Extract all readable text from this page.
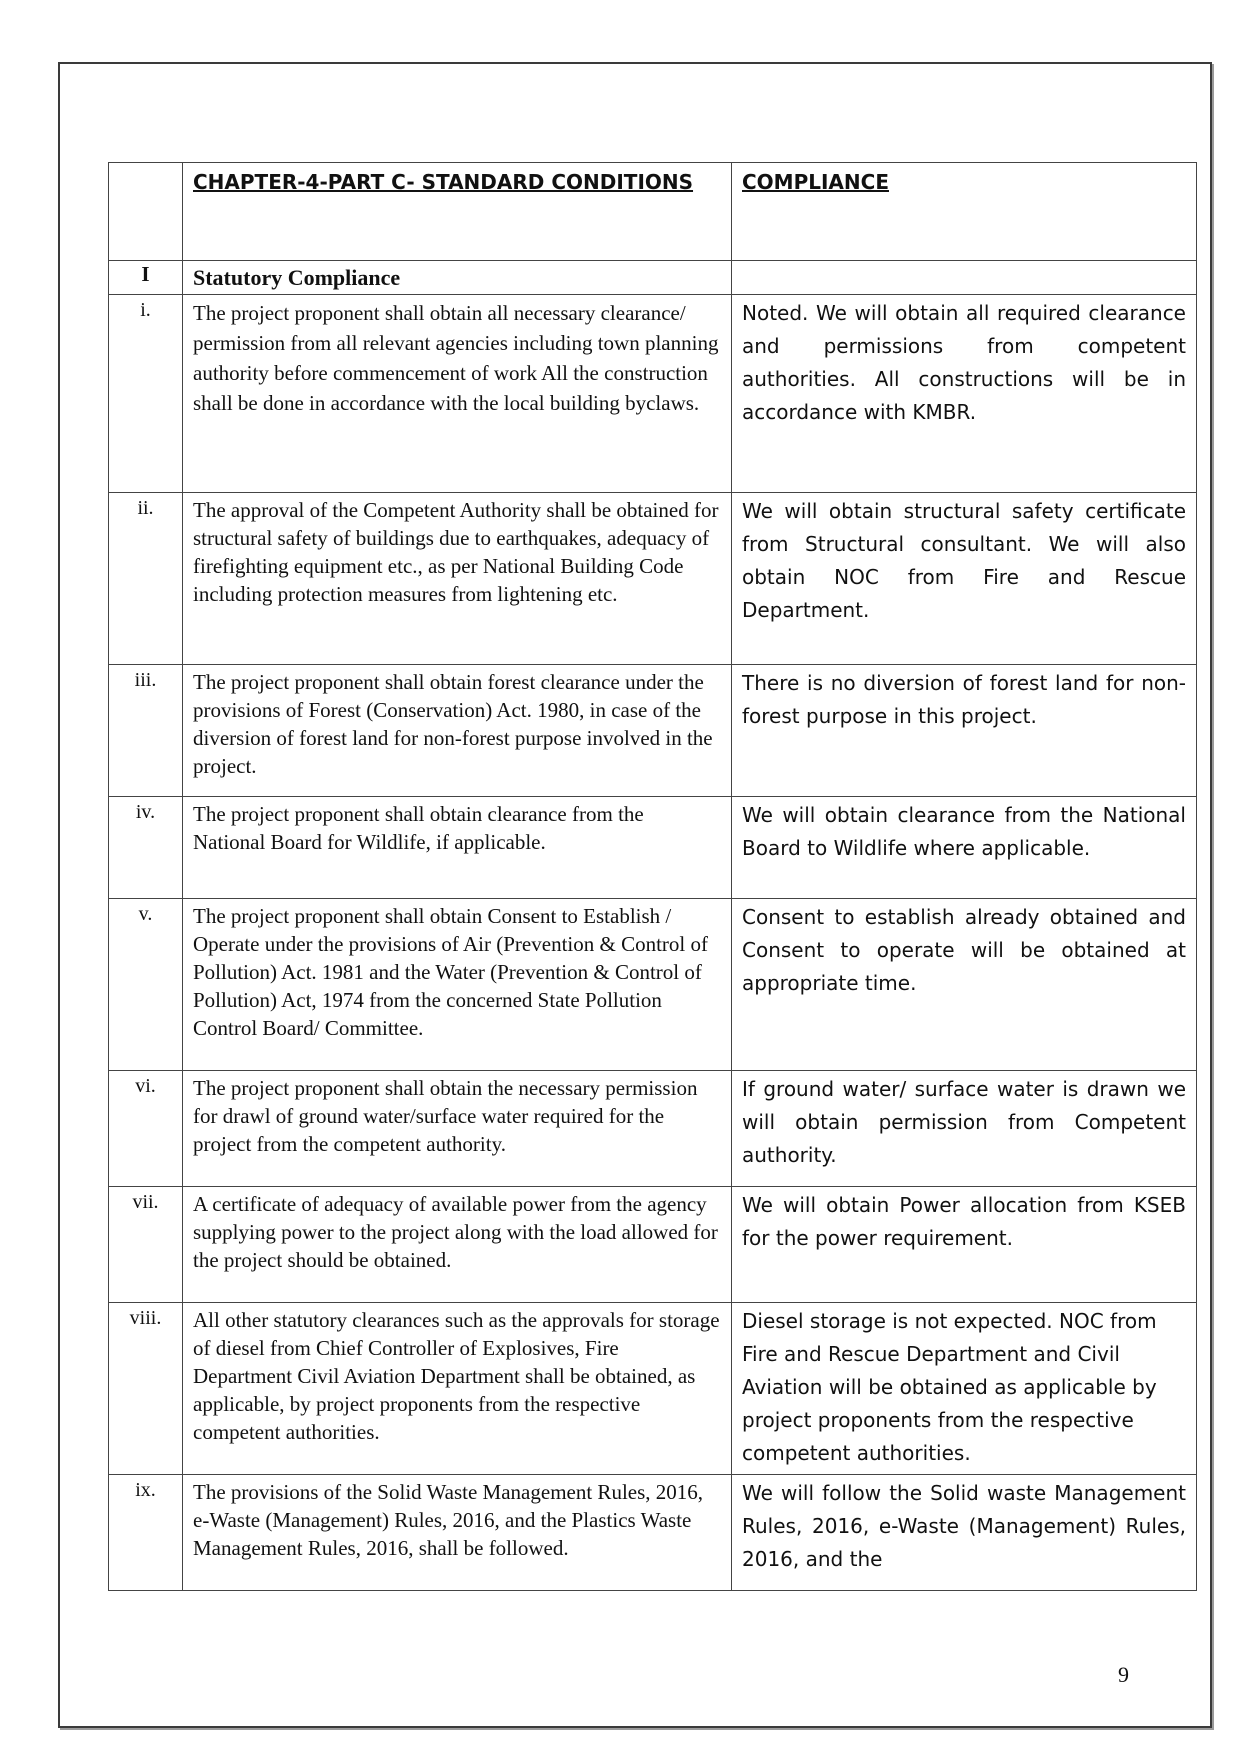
	CHAPTER-4-PART C- STANDARD CONDITIONS	COMPLIANCE
I	Statutory Compliance	
i.	The project proponent shall obtain all necessary clearance/ permission from all relevant agencies including town planning authority before commencement of work All the construction shall be done in accordance with the local building byclaws.	Noted. We will obtain all required clearance and permissions from competent authorities. All constructions will be in accordance with KMBR.
ii.	The approval of the Competent Authority shall be obtained for structural safety of buildings due to earthquakes, adequacy of firefighting equipment etc., as per National Building Code including protection measures from lightening etc.	We will obtain structural safety certificate from Structural consultant. We will also obtain NOC from Fire and Rescue Department.
iii.	The project proponent shall obtain forest clearance under the provisions of Forest (Conservation) Act. 1980, in case of the diversion of forest land for non-forest purpose involved in the project.	There is no diversion of forest land for non- forest purpose in this project.
iv.	The project proponent shall obtain clearance from the National Board for Wildlife, if applicable.	We will obtain clearance from the National Board to Wildlife where applicable.
v.	The project proponent shall obtain Consent to Establish / Operate under the provisions of Air (Prevention & Control of Pollution) Act. 1981 and the Water (Prevention & Control of Pollution) Act, 1974 from the concerned State Pollution Control Board/ Committee.	Consent to establish already obtained and Consent to operate will be obtained at appropriate time.
vi.	The project proponent shall obtain the necessary permission for drawl of ground water/surface water required for the project from the competent authority.	If ground water/ surface water is drawn we will obtain permission from Competent authority.
vii.	A certificate of adequacy of available power from the agency supplying power to the project along with the load allowed for the project should be obtained.	We will obtain Power allocation from KSEB for the power requirement.
viii.	All other statutory clearances such as the approvals for storage of diesel from Chief Controller of Explosives, Fire Department Civil Aviation Department shall be obtained, as applicable, by project proponents from the respective competent authorities.	Diesel storage is not expected. NOC from Fire and Rescue Department and Civil Aviation will be obtained as applicable by project proponents from the respective competent authorities.
ix.	The provisions of the Solid Waste Management Rules, 2016, e-Waste (Management) Rules, 2016, and the Plastics Waste Management Rules, 2016, shall be followed.	We will follow the Solid waste Management Rules, 2016, e-Waste (Management) Rules, 2016, and the
9
